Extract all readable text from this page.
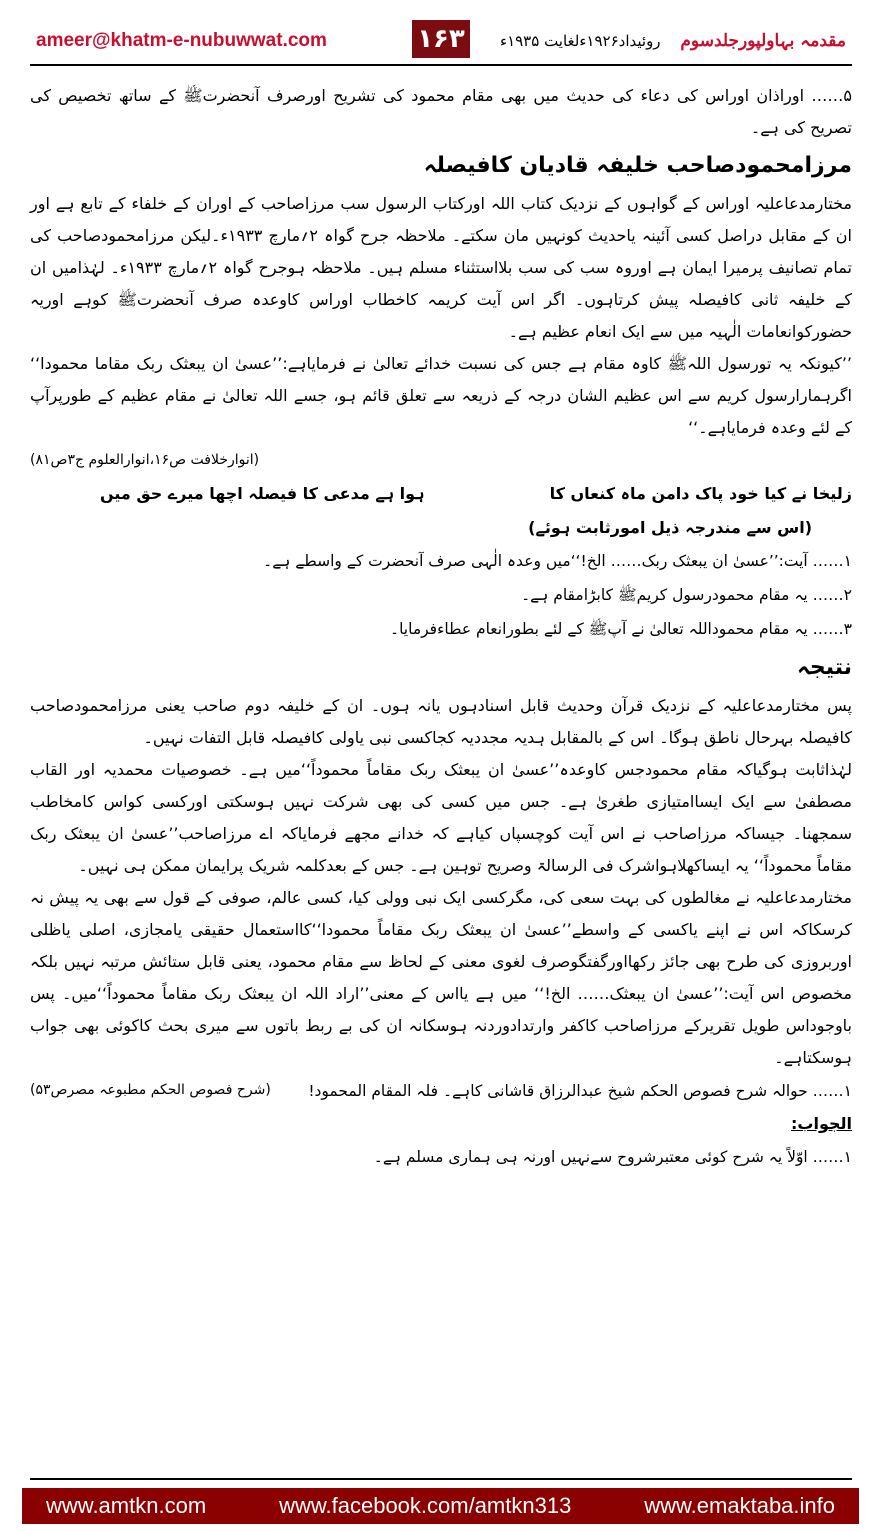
ameer@khatm-e-nubuwwat.com	۱۶۳	روئیداد۱۹۲۶ءلغایت ۱۹۳۵ء مقدمہ بہاولپورجلدسوم

۵…… اوراذان اوراس کی دعاء کی حدیث میں بھی مقام محمود کی تشریح اورصرف آنحضرتﷺ کے ساتھ تخصیص کی تصریح کی ہے۔

مرزامحمودصاحب خلیفہ قادیان کافیصلہ

مختارمدعاعلیہ اوراس کے گواہوں کے نزدیک کتاب اللہ اورکتاب الرسول سب مرزاصاحب کے اوران کے خلفاء کے تابع ہے اور ان کے مقابل دراصل کسی آئینہ یاحدیث کونہیں مان سکتے۔ ملاحظہ جرح گواہ ۲؍مارچ ۱۹۳۳ء۔لیکن مرزامحمودصاحب کی تمام تصانیف پرمیرا ایمان ہے اوروہ سب کی سب بلااستثناء مسلم ہیں۔ ملاحظہ ہوجرح گواہ ۲؍مارچ ۱۹۳۳ء۔ لہٰذامیں ان کے خلیفہ ثانی کافیصلہ پیش کرتاہوں۔ اگر اس آیت کریمہ کاخطاب اوراس کاوعدہ صرف آنحضرتﷺ کوہے اوریہ حضورکوانعامات الٰہیہ میں سے ایک انعام عظیم ہے۔

’’کیونکہ یہ تورسول اللہﷺ کاوہ مقام ہے جس کی نسبت خدائے تعالیٰ نے فرمایاہے:’’عسیٰ ان یبعثک ربک مقاما محمودا‘‘ اگرہمارارسول کریم سے اس عظیم الشان درجہ کے ذریعہ سے تعلق قائم ہو، جسے اللہ تعالیٰ نے مقام عظیم کے طورپرآپ کے لئے وعدہ فرمایاہے۔‘‘

(انوارخلافت ص۱۶،انوارالعلوم ج۳ص۸۱)

زلیخا نے کیا خود پاک دامن ماہ کنعاں کا
ہوا ہے مدعی کا فیصلہ اچھا میرے حق میں

(اس سے مندرجہ ذیل امورثابت ہوئے)

۱…… آیت:’’عسیٰ ان یبعثک ربک…… الخ!‘‘میں وعدہ الٰہی صرف آنحضرت کے واسطے ہے۔

۲…… یہ مقام محمودرسول کریمﷺ کابڑامقام ہے۔

۳…… یہ مقام محموداللہ تعالیٰ نے آپﷺ کے لئے بطورانعام عطاءفرمایا۔

نتیجہ

پس مختارمدعاعلیہ کے نزدیک قرآن وحدیث قابل اسنادہوں یانہ ہوں۔ ان کے خلیفہ دوم صاحب یعنی مرزامحمودصاحب کافیصلہ بہرحال ناطق ہوگا۔ اس کے بالمقابل ہدیہ مجددیہ کجاکسی نبی یاولی کافیصلہ قابل التفات نہیں۔

لہٰذاثابت ہوگیاکہ مقام محمودجس کاوعدہ’’عسیٰ ان یبعثک ربک مقاماً محموداً‘‘میں ہے۔ خصوصیات محمدیہ اور القاب مصطفیٰ سے ایک ایساامتیازی طغریٰ ہے۔ جس میں کسی کی بھی شرکت نہیں ہوسکتی اورکسی کواس کامخاطب سمجھنا۔ جیساکہ مرزاصاحب نے اس آیت کوچسپاں کیاہے کہ خدانے مجھے فرمایاکہ اے مرزاصاحب’’عسیٰ ان یبعثک ربک مقاماً محموداً‘‘ یہ ایساکھلاہواشرک فی الرسالۃ وصریح توہین ہے۔ جس کے بعدکلمہ شریک پرایمان ممکن ہی نہیں۔

مختارمدعاعلیہ نے مغالطوں کی بہت سعی کی، مگرکسی ایک نبی وولی کیا، کسی عالم، صوفی کے قول سے بھی یہ پیش نہ کرسکاکہ اس نے اپنے یاکسی کے واسطے’’عسیٰ ان یبعثک ربک مقاماً محمودا‘‘کااستعمال حقیقی یامجازی، اصلی یاظلی اوربروزی کی طرح بھی جائز رکھااورگفتگوصرف لغوی معنی کے لحاظ سے مقام محمود، یعنی قابل ستائش مرتبہ نہیں بلکہ مخصوص اس آیت:’’عسیٰ ان یبعثک…… الخ!‘‘ میں ہے یااس کے معنی’’اراد اللہ ان یبعثک ربک مقاماً محموداً‘‘میں۔ پس باوجوداس طویل تقریرکے مرزاصاحب کاکفر وارتدادوردنہ ہوسکانہ ان کی بے ربط باتوں سے میری بحث کاکوئی بھی جواب ہوسکتاہے۔

۱…… حوالہ شرح فصوص الحکم شیخ عبدالرزاق قاشانی کاہے۔ فلہ المقام المحمود!
(شرح فصوص الحکم مطبوعہ مصرص۵۳)

الجواب:

۱…… اوّلاً یہ شرح کوئی معتبرشروح سےنہیں اورنہ ہی ہماری مسلم ہے۔

www.amtkn.com	www.facebook.com/amtkn313	www.emaktaba.info
